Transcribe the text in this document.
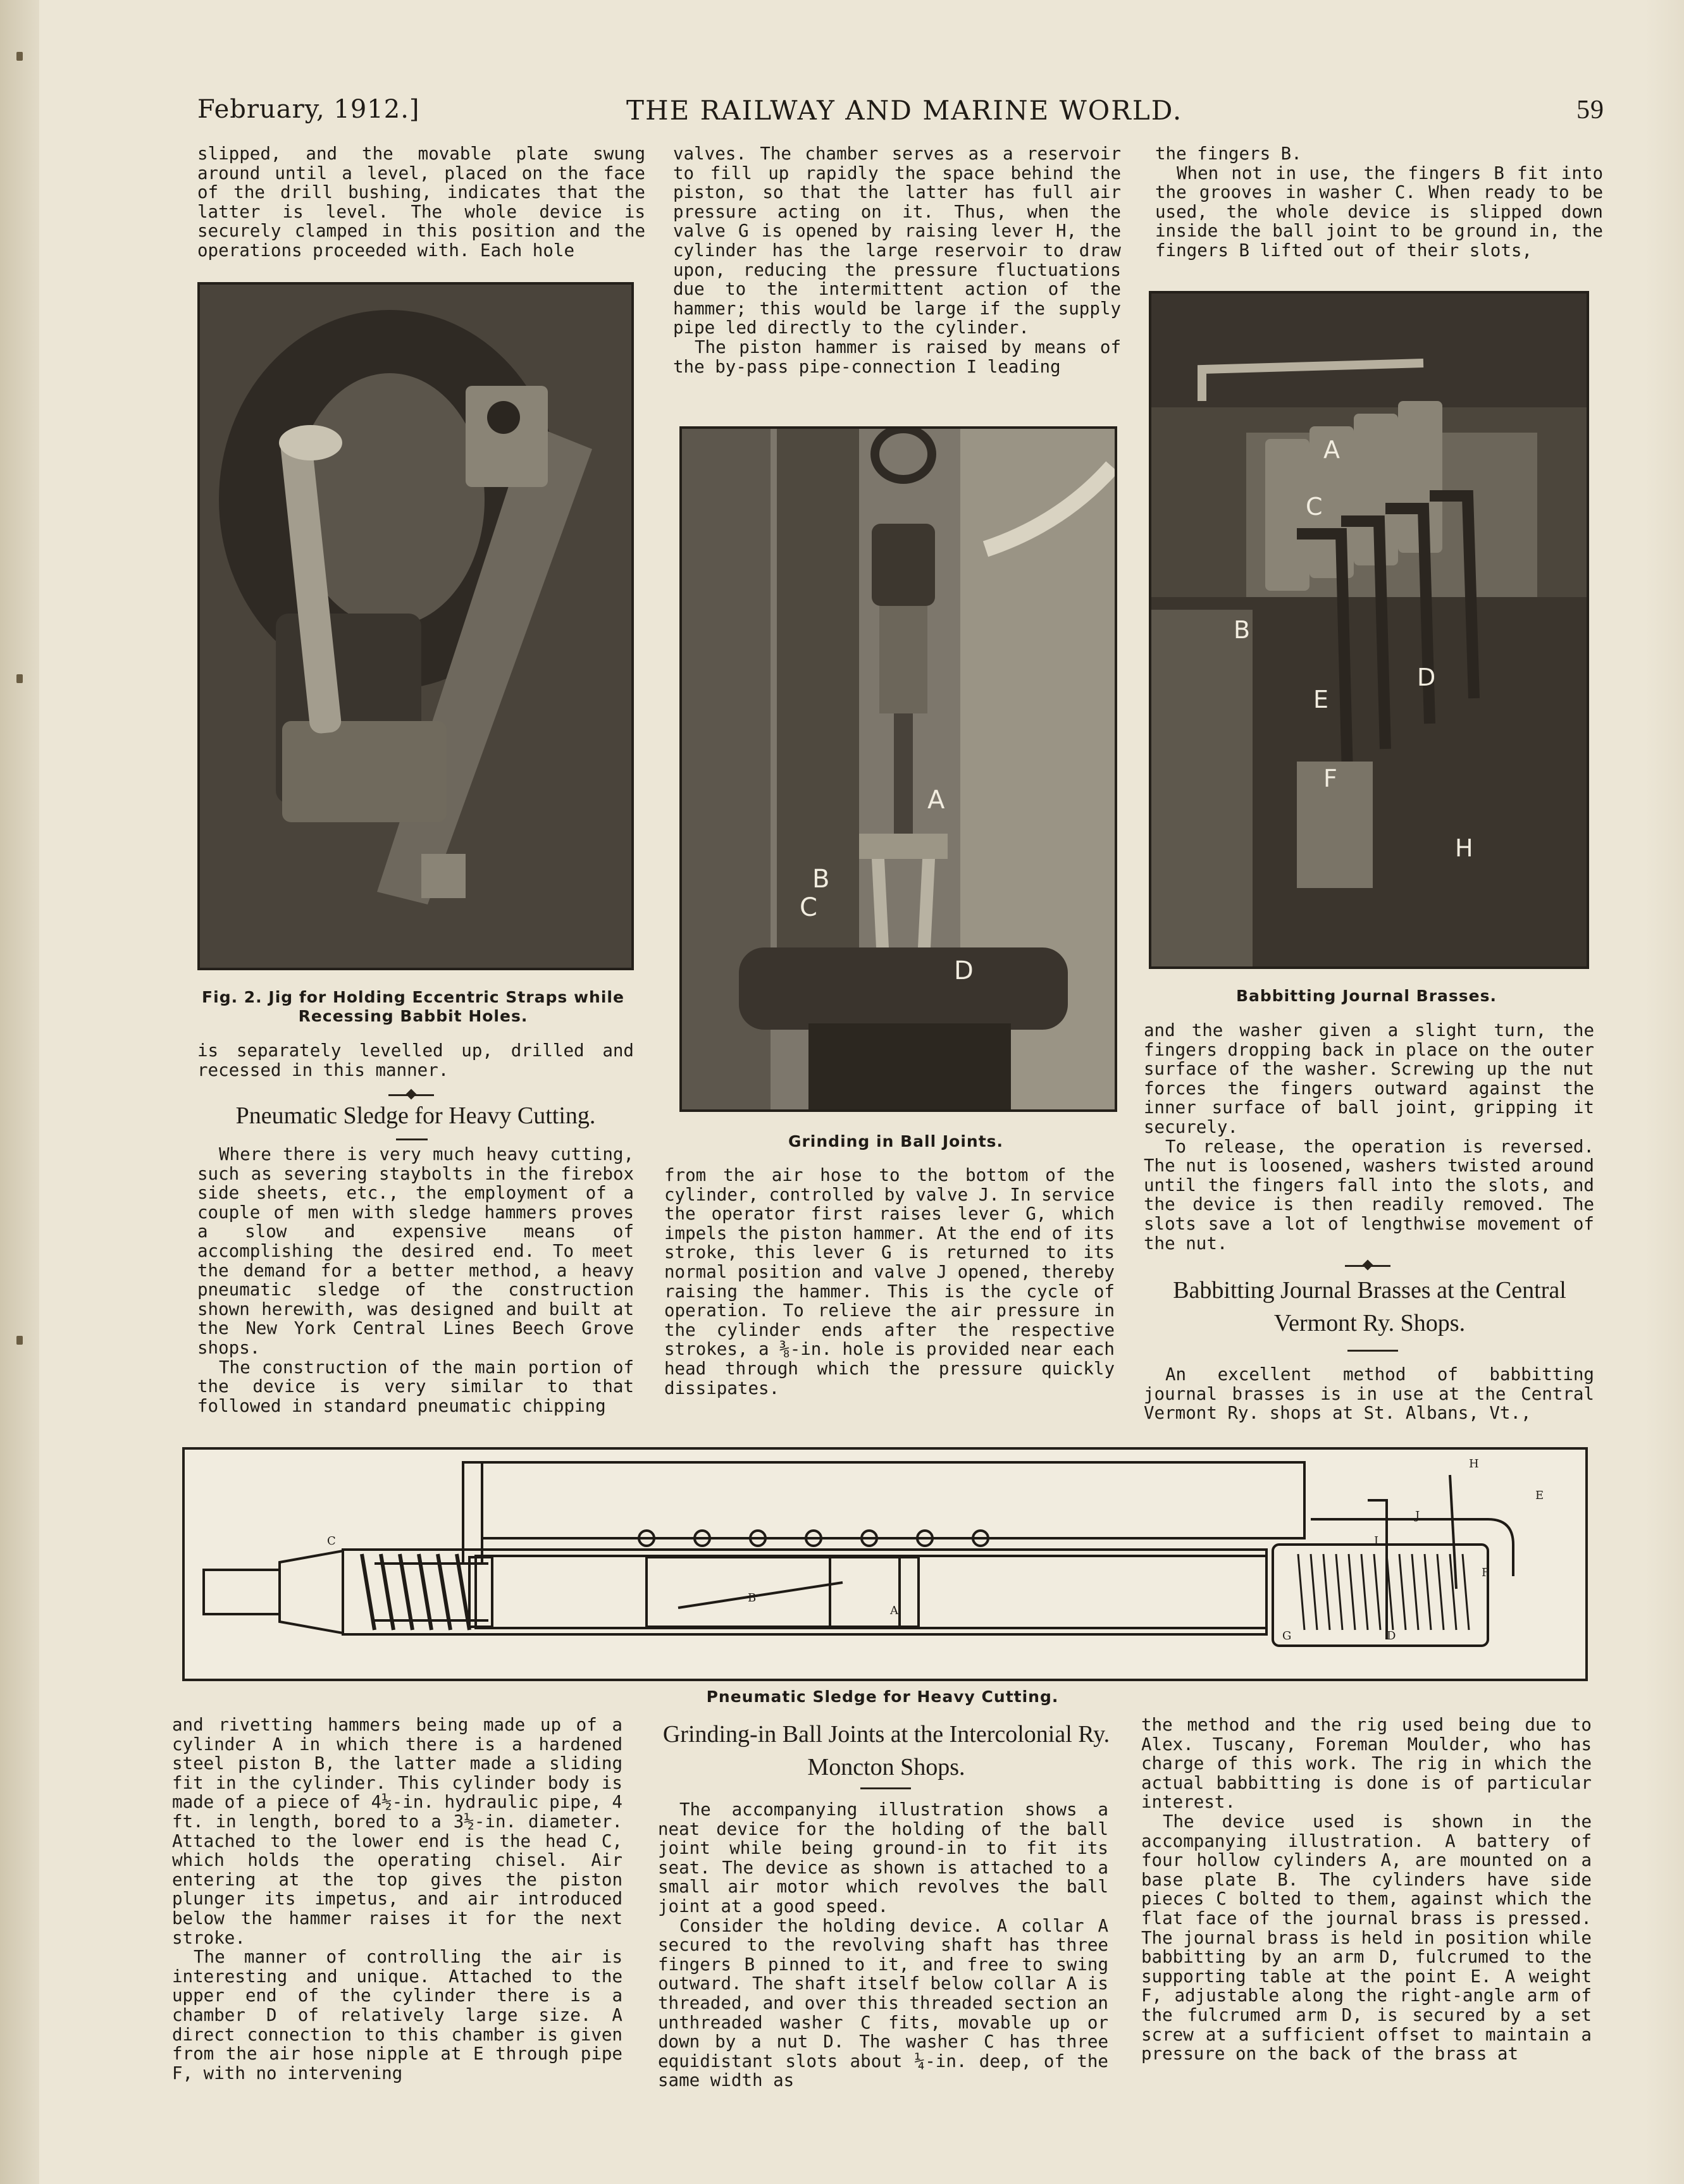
February, 1912.]	THE RAILWAY AND MARINE WORLD.	59

slipped, and the movable plate swung around until a level, placed on the face of the drill bushing, indicates that the latter is level. The whole device is securely clamped in this position and the operations proceeded with. Each hole

Fig. 2. Jig for Holding Eccentric Straps while Recessing Babbit Holes.

is separately levelled up, drilled and recessed in this manner.

Pneumatic Sledge for Heavy Cutting.

Where there is very much heavy cutting, such as severing staybolts in the firebox side sheets, etc., the employment of a couple of men with sledge hammers proves a slow and expensive means of accomplishing the desired end. To meet the demand for a better method, a heavy pneumatic sledge of the construction shown herewith, was designed and built at the New York Central Lines Beech Grove shops.

The construction of the main portion of the device is very similar to that followed in standard pneumatic chipping

valves. The chamber serves as a reservoir to fill up rapidly the space behind the piston, so that the latter has full air pressure acting on it. Thus, when the valve G is opened by raising lever H, the cylinder has the large reservoir to draw upon, reducing the pressure fluctuations due to the intermittent action of the hammer; this would be large if the supply pipe led directly to the cylinder.

The piston hammer is raised by means of the by-pass pipe-connection I leading

A
B
C
D
Grinding in Ball Joints.

from the air hose to the bottom of the cylinder, controlled by valve J. In service the operator first raises lever G, which impels the piston hammer. At the end of its stroke, this lever G is returned to its normal position and valve J opened, thereby raising the hammer. This is the cycle of operation. To relieve the air pressure in the cylinder ends after the respective strokes, a ⅜-in. hole is provided near each head through which the pressure quickly dissipates.

the fingers B.

When not in use, the fingers B fit into the grooves in washer C. When ready to be used, the whole device is slipped down inside the ball joint to be ground in, the fingers B lifted out of their slots,

A
B
C
D
E
F
H
Babbitting Journal Brasses.

and the washer given a slight turn, the fingers dropping back in place on the outer surface of the washer. Screwing up the nut forces the fingers outward against the inner surface of ball joint, gripping it securely.

To release, the operation is reversed. The nut is loosened, washers twisted around until the fingers fall into the slots, and the device is then readily removed. The slots save a lot of lengthwise movement of the nut.

Babbitting Journal Brasses at the Central Vermont Ry. Shops.

An excellent method of babbitting journal brasses is in use at the Central Vermont Ry. shops at St. Albans, Vt.,

C
A
B
G	D
F
I
J
H
E
Pneumatic Sledge for Heavy Cutting.

and rivetting hammers being made up of a cylinder A in which there is a hardened steel piston B, the latter made a sliding fit in the cylinder. This cylinder body is made of a piece of 4½-in. hydraulic pipe, 4 ft. in length, bored to a 3½-in. diameter. Attached to the lower end is the head C, which holds the operating chisel. Air entering at the top gives the piston plunger its impetus, and air introduced below the hammer raises it for the next stroke.

The manner of controlling the air is interesting and unique. Attached to the upper end of the cylinder there is a chamber D of relatively large size. A direct connection to this chamber is given from the air hose nipple at E through pipe F, with no intervening

Grinding-in Ball Joints at the Intercolonial Ry. Moncton Shops.

The accompanying illustration shows a neat device for the holding of the ball joint while being ground-in to fit its seat. The device as shown is attached to a small air motor which revolves the ball joint at a good speed.

Consider the holding device. A collar A secured to the revolving shaft has three fingers B pinned to it, and free to swing outward. The shaft itself below collar A is threaded, and over this threaded section an unthreaded washer C fits, movable up or down by a nut D. The washer C has three equidistant slots about ¼-in. deep, of the same width as

the method and the rig used being due to Alex. Tuscany, Foreman Moulder, who has charge of this work. The rig in which the actual babbitting is done is of particular interest.

The device used is shown in the accompanying illustration. A battery of four hollow cylinders A, are mounted on a base plate B. The cylinders have side pieces C bolted to them, against which the flat face of the journal brass is pressed. The journal brass is held in position while babbitting by an arm D, fulcrumed to the supporting table at the point E. A weight F, adjustable along the right-angle arm of the fulcrumed arm D, is secured by a set screw at a sufficient offset to maintain a pressure on the back of the brass at
